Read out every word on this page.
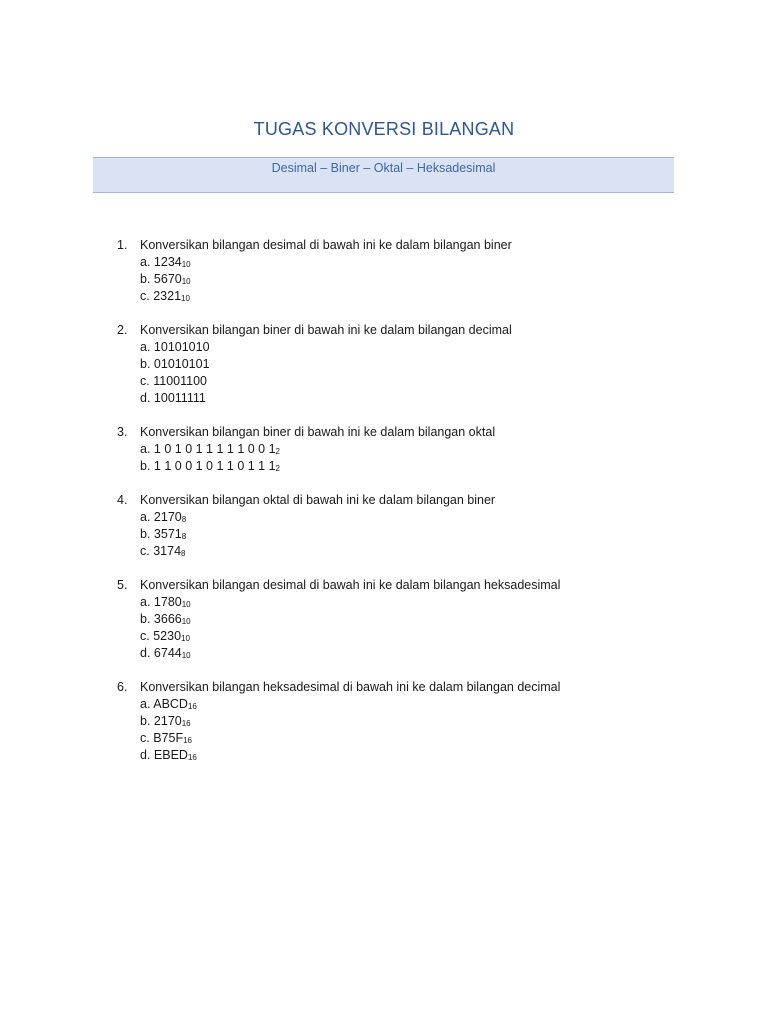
TUGAS KONVERSI BILANGAN
Desimal – Biner – Oktal – Heksadesimal
1. Konversikan bilangan desimal di bawah ini ke dalam bilangan biner
a. $1234_{10}$
b. $5670_{10}$
c. $2321_{10}$
2. Konversikan bilangan biner di bawah ini ke dalam bilangan decimal
a. 10101010
b. 01010101
c. 11001100
d. 10011111
3. Konversikan bilangan biner di bawah ini ke dalam bilangan oktal
a. 1 0 1 0 1 1 1 1 1 0 0 $1_2$
b. 1 1 0 0 1 0 1 1 0 1 1 $1_2$
4. Konversikan bilangan oktal di bawah ini ke dalam bilangan biner
a. $2170_8$
b. $3571_8$
c. $3174_8$
5. Konversikan bilangan desimal di bawah ini ke dalam bilangan heksadesimal
a. $1780_{10}$
b. $3666_{10}$
c. $5230_{10}$
d. $6744_{10}$
6. Konversikan bilangan heksadesimal di bawah ini ke dalam bilangan decimal
a. $ABCD_{16}$
b. $2170_{16}$
c. $B75F_{16}$
d. $EBED_{16}$
